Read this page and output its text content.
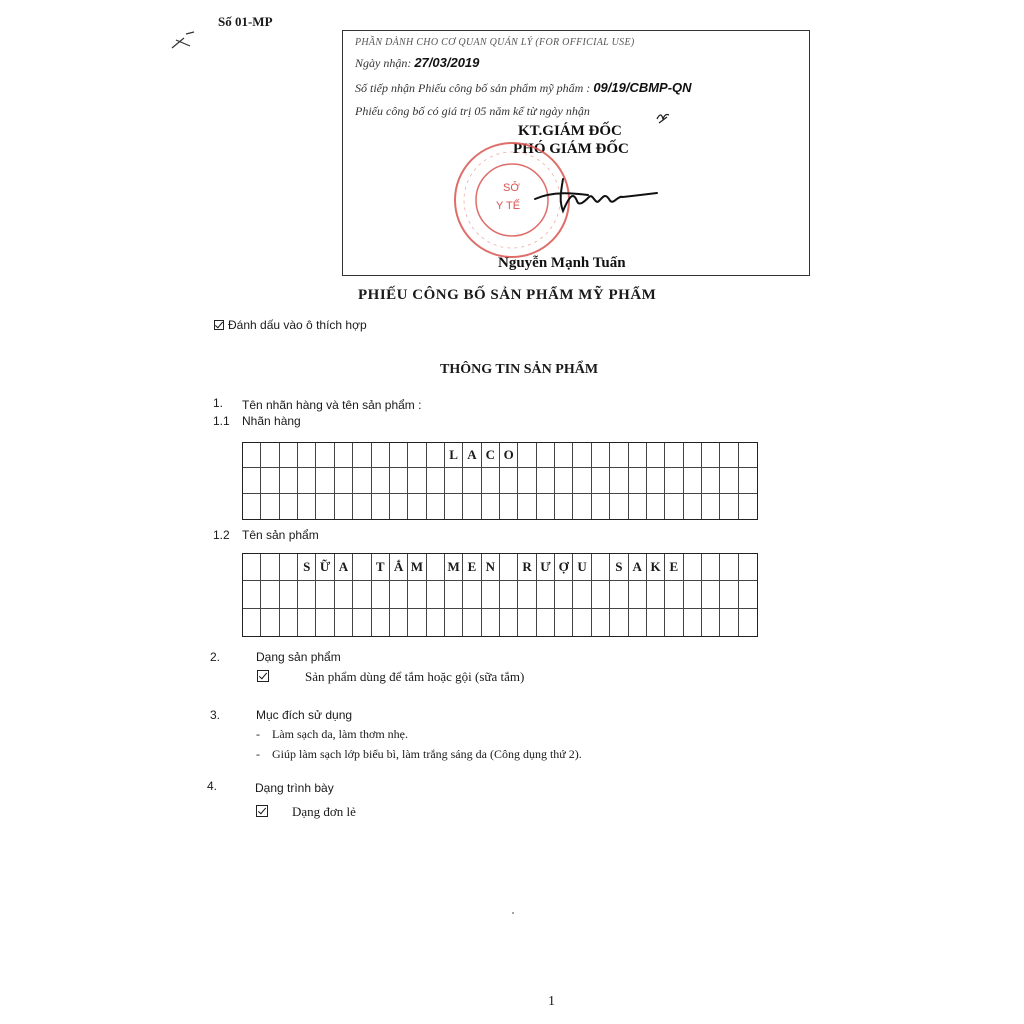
Số 01-MP
PHẦN DÀNH CHO CƠ QUAN QUẢN LÝ (FOR OFFICIAL USE)
Ngày nhận: 27/03/2019
Số tiếp nhận Phiếu công bố sản phẩm mỹ phẩm : 09/19/CBMP-QN
Phiếu công bố có giá trị 05 năm kể từ ngày nhận
KT.GIÁM ĐỐC
PHÓ GIÁM ĐỐC
SỞ
Y TẾ
Nguyễn Mạnh Tuấn
PHIẾU CÔNG BỐ SẢN PHẨM MỸ PHẨM
Đánh dấu vào ô thích hợp
THÔNG TIN SẢN PHẨM
1. Tên nhãn hàng và tên sản phẩm :
1.1 Nhãn hàng
L A C O
1.2 Tên sản phẩm
S Ữ A	T Ắ M M E N	R Ư Ợ U	S A K E
2.	Dạng sản phẩm
Sản phẩm dùng để tắm hoặc gội (sữa tắm)
3.	Mục đích sử dụng
-    Làm sạch da, làm thơm nhẹ.
-    Giúp làm sạch lớp biểu bì, làm trắng sáng da (Công dụng thứ 2).
4.	Dạng trình bày
Dạng đơn lẻ
1
